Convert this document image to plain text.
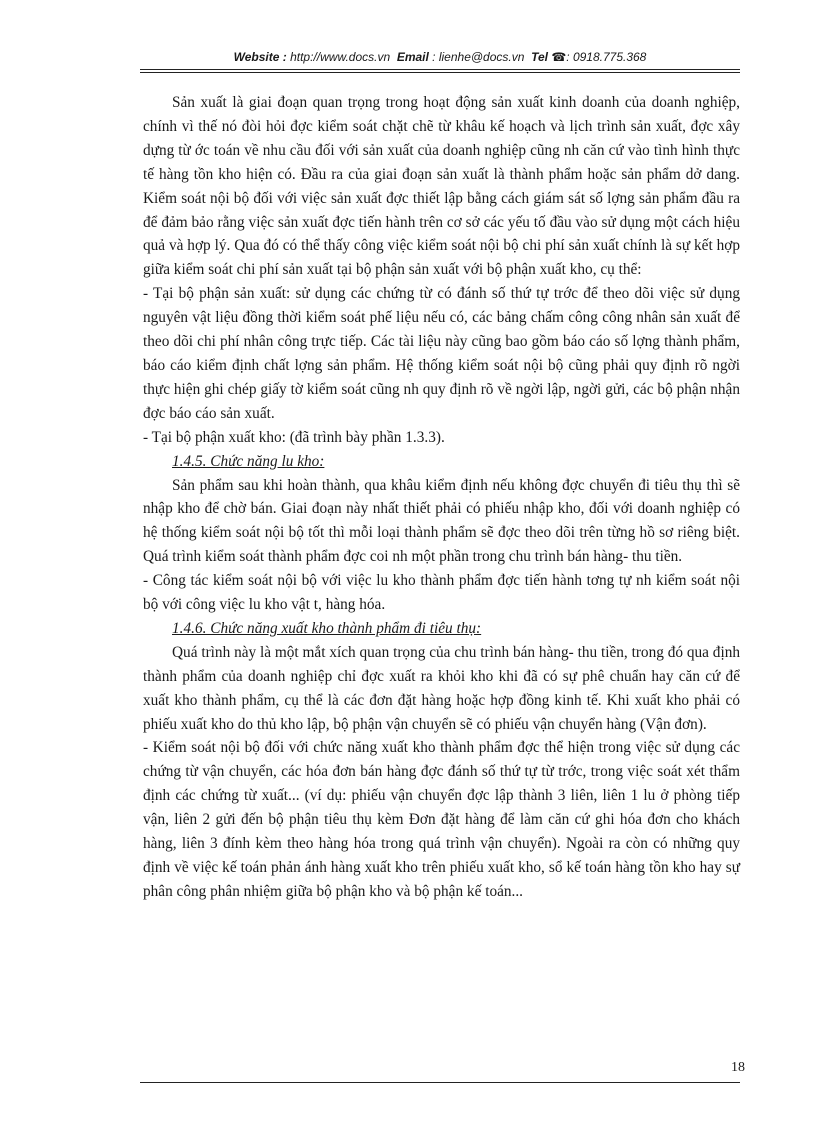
Website : http://www.docs.vn Email : lienhe@docs.vn Tel ☎: 0918.775.368

Sản xuất là giai đoạn quan trọng trong hoạt động sản xuất kinh doanh của doanh nghiệp, chính vì thế nó đòi hỏi đợc kiểm soát chặt chẽ từ khâu kế hoạch và lịch trình sản xuất, đợc xây dựng từ ớc toán về nhu cầu đối với sản xuất của doanh nghiệp cũng nh căn cứ vào tình hình thực tế hàng tồn kho hiện có. Đầu ra của giai đoạn sản xuất là thành phẩm hoặc sản phẩm dở dang. Kiểm soát nội bộ đối với việc sản xuất đợc thiết lập bằng cách giám sát số lợng sản phẩm đầu ra để đảm bảo rằng việc sản xuất đợc tiến hành trên cơ sở các yếu tố đầu vào sử dụng một cách hiệu quả và hợp lý. Qua đó có thể thấy công việc kiểm soát nội bộ chi phí sản xuất chính là sự kết hợp giữa kiểm soát chi phí sản xuất tại bộ phận sản xuất với bộ phận xuất kho, cụ thể:

- Tại bộ phận sản xuất: sử dụng các chứng từ có đánh số thứ tự trớc để theo dõi việc sử dụng nguyên vật liệu đồng thời kiểm soát phế liệu nếu có, các bảng chấm công công nhân sản xuất để theo dõi chi phí nhân công trực tiếp. Các tài liệu này cũng bao gồm báo cáo số lợng thành phẩm, báo cáo kiểm định chất lợng sản phẩm. Hệ thống kiểm soát nội bộ cũng phải quy định rõ ngời thực hiện ghi chép giấy tờ kiểm soát cũng nh quy định rõ về ngời lập, ngời gửi, các bộ phận nhận đợc báo cáo sản xuất.

- Tại bộ phận xuất kho: (đã trình bày phần 1.3.3).

1.4.5. Chức năng lu kho:

Sản phẩm sau khi hoàn thành, qua khâu kiểm định nếu không đợc chuyển đi tiêu thụ thì sẽ nhập kho để chờ bán. Giai đoạn này nhất thiết phải có phiếu nhập kho, đối với doanh nghiệp có hệ thống kiểm soát nội bộ tốt thì mỗi loại thành phẩm sẽ đợc theo dõi trên từng hồ sơ riêng biệt. Quá trình kiểm soát thành phẩm đợc coi nh một phần trong chu trình bán hàng- thu tiền.

- Công tác kiểm soát nội bộ với việc lu kho thành phẩm đợc tiến hành tơng tự nh kiểm soát nội bộ với công việc lu kho vật t, hàng hóa.

1.4.6. Chức năng xuất kho thành phẩm đi tiêu thụ:

Quá trình này là một mắt xích quan trọng của chu trình bán hàng- thu tiền, trong đó qua định thành phẩm của doanh nghiệp chỉ đợc xuất ra khỏi kho khi đã có sự phê chuẩn hay căn cứ để xuất kho thành phẩm, cụ thể là các đơn đặt hàng hoặc hợp đồng kinh tế. Khi xuất kho phải có phiếu xuất kho do thủ kho lập, bộ phận vận chuyển sẽ có phiếu vận chuyển hàng (Vận đơn).

- Kiểm soát nội bộ đối với chức năng xuất kho thành phẩm đợc thể hiện trong việc sử dụng các chứng từ vận chuyển, các hóa đơn bán hàng đợc đánh số thứ tự từ trớc, trong việc soát xét thẩm định các chứng từ xuất... (ví dụ: phiếu vận chuyển đợc lập thành 3 liên, liên 1 lu ở phòng tiếp vận, liên 2 gửi đến bộ phận tiêu thụ kèm Đơn đặt hàng để làm căn cứ ghi hóa đơn cho khách hàng, liên 3 đính kèm theo hàng hóa trong quá trình vận chuyển). Ngoài ra còn có những quy định về việc kế toán phản ánh hàng xuất kho trên phiếu xuất kho, sổ kế toán hàng tồn kho hay sự phân công phân nhiệm giữa bộ phận kho và bộ phận kế toán...

18
